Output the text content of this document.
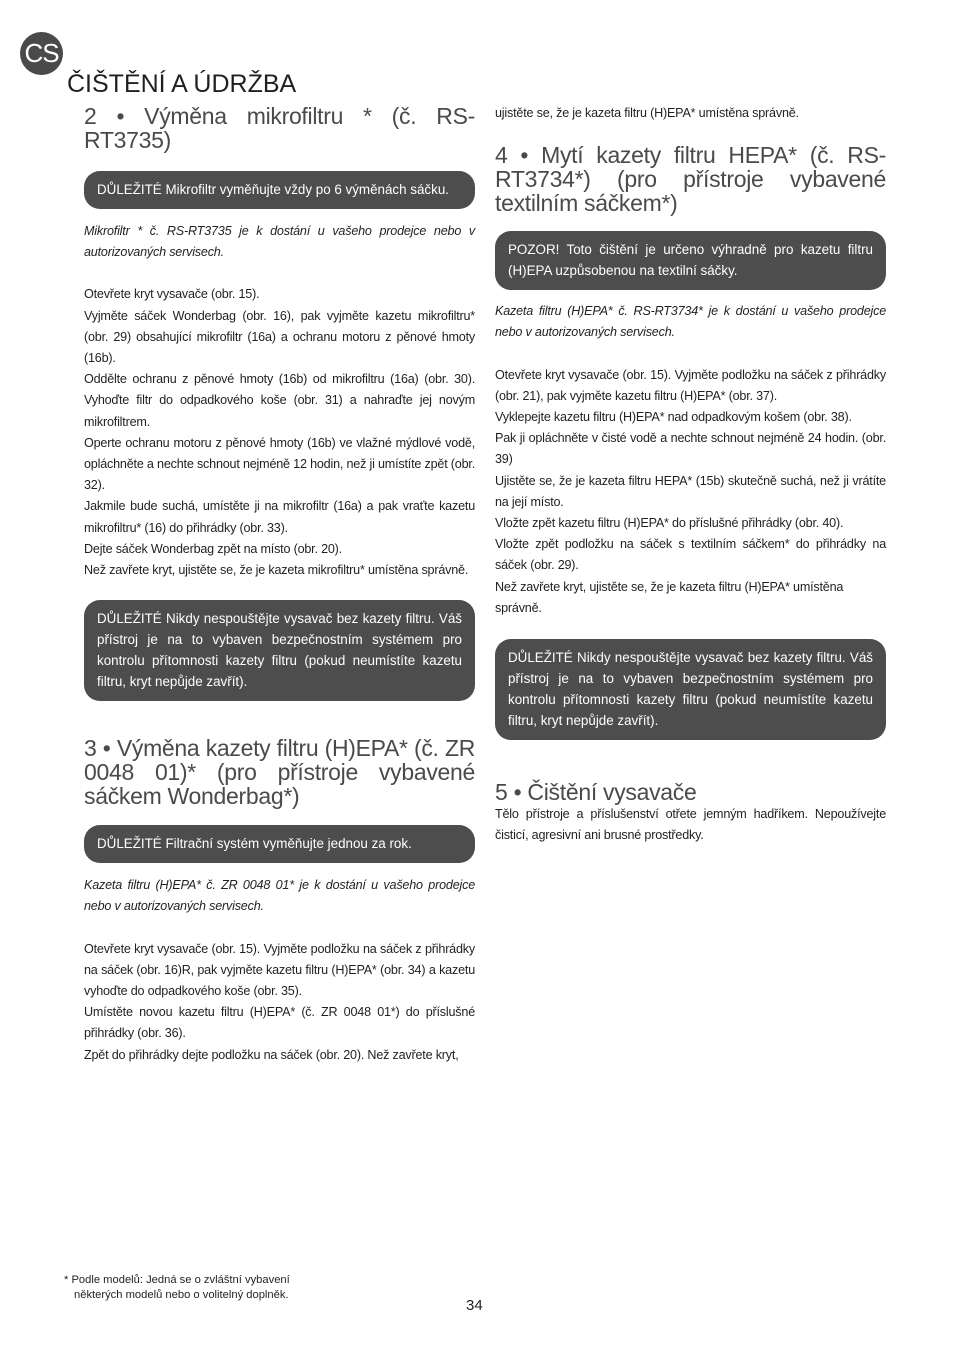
CS
ČIŠTĚNÍ A ÚDRŽBA
2 • Výměna mikrofiltru * (č. RS-RT3735)
DŮLEŽITÉ Mikrofiltr vyměňujte vždy po 6 výměnách sáčku.

Mikrofiltr * č. RS-RT3735 je k dostání u vašeho prodejce nebo v autorizovaných servisech.

Otevřete kryt vysavače (obr. 15).

Vyjměte sáček Wonderbag (obr. 16), pak vyjměte kazetu mikrofiltru* (obr. 29) obsahující mikrofiltr (16a) a ochranu motoru z pěnové hmoty (16b).

Oddělte ochranu z pěnové hmoty (16b) od mikrofiltru (16a) (obr. 30). Vyhoďte filtr do odpadkového koše (obr. 31) a nahraďte jej novým mikrofiltrem.

Operte ochranu motoru z pěnové hmoty (16b) ve vlažné mýdlové vodě, opláchněte a nechte schnout nejméně 12 hodin, než ji umístíte zpět (obr. 32).

Jakmile bude suchá, umístěte ji na mikrofiltr (16a) a pak vraťte kazetu mikrofiltru* (16) do přihrádky (obr. 33).

Dejte sáček Wonderbag zpět na místo (obr. 20).

Než zavřete kryt, ujistěte se, že je kazeta mikrofiltru* umístěna správně.

DŮLEŽITÉ Nikdy nespouštějte vysavač bez kazety filtru. Váš přístroj je na to vybaven bezpečnostním systémem pro kontrolu přítomnosti kazety filtru (pokud neumístíte kazetu filtru, kryt nepůjde zavřít).
3 • Výměna kazety filtru (H)EPA* (č. ZR 0048 01)* (pro přístroje vybavené sáčkem Wonderbag*)
DŮLEŽITÉ Filtrační systém vyměňujte jednou za rok.

Kazeta filtru (H)EPA* č. ZR 0048 01* je k dostání u vašeho prodejce nebo v autorizovaných servisech.

Otevřete kryt vysavače (obr. 15). Vyjměte podložku na sáček z přihrádky na sáček (obr. 16)R, pak vyjměte kazetu filtru (H)EPA* (obr. 34) a kazetu vyhoďte do odpadkového koše (obr. 35).

Umístěte novou kazetu filtru (H)EPA* (č. ZR 0048 01*) do příslušné přihrádky (obr. 36).

Zpět do přihrádky dejte podložku na sáček (obr. 20). Než zavřete kryt,

ujistěte se, že je kazeta filtru (H)EPA* umístěna správně.

4 • Mytí kazety filtru HEPA* (č. RS-RT3734*) (pro přístroje vybavené textilním sáčkem*)
POZOR! Toto čištění je určeno výhradně pro kazetu filtru (H)EPA uzpůsobenou na textilní sáčky.

Kazeta filtru (H)EPA* č. RS-RT3734* je k dostání u vašeho prodejce nebo v autorizovaných servisech.

Otevřete kryt vysavače (obr. 15). Vyjměte podložku na sáček z přihrádky (obr. 21), pak vyjměte kazetu filtru (H)EPA* (obr. 37).

Vyklepejte kazetu filtru (H)EPA* nad odpadkovým košem (obr. 38).

Pak ji opláchněte v čisté vodě a nechte schnout nejméně 24 hodin. (obr. 39)

Ujistěte se, že je kazeta filtru HEPA* (15b) skutečně suchá, než ji vrátíte na její místo.

Vložte zpět kazetu filtru (H)EPA* do příslušné přihrádky (obr. 40).

Vložte zpět podložku na sáček s textilním sáčkem* do přihrádky na sáček (obr. 29).

Než zavřete kryt, ujistěte se, že je kazeta filtru (H)EPA* umístěna správně.

DŮLEŽITÉ Nikdy nespouštějte vysavač bez kazety filtru. Váš přístroj je na to vybaven bezpečnostním systémem pro kontrolu přítomnosti kazety filtru (pokud neumístíte kazetu filtru, kryt nepůjde zavřít).
5 • Čištění vysavače

Tělo přístroje a příslušenství otřete jemným hadříkem. Nepoužívejte čisticí, agresivní ani brusné prostředky.

* Podle modelů: Jedná se o zvláštní vybavení
některých modelů nebo o volitelný doplněk.
34
